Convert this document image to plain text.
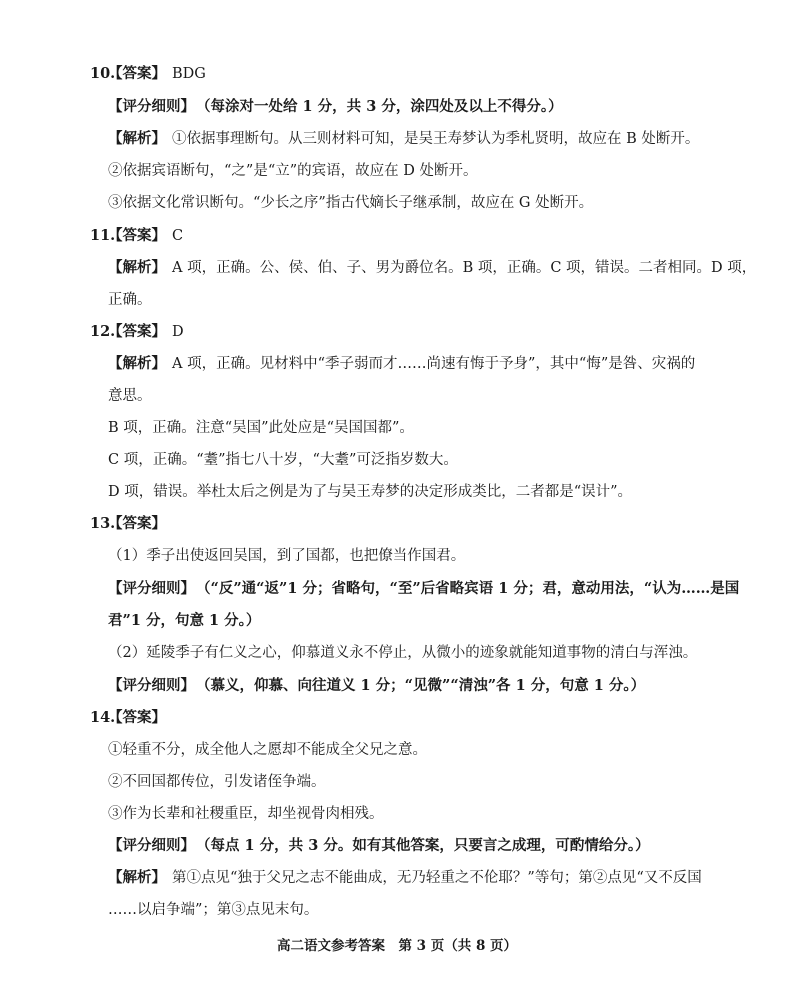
10.
【答案】 BDG
【评分细则】 （每涂对一处给 1 分，共 3 分，涂四处及以上不得分。）
【解析】 ①依据事理断句。从三则材料可知，是吴王寿梦认为季札贤明，故应在 B 处断开。
②依据宾语断句，“之”是“立”的宾语，故应在 D 处断开。
③依据文化常识断句。“少长之序”指古代嫡长子继承制，故应在 G 处断开。
11.
【答案】 C
【解析】 A 项，正确。公、侯、伯、子、男为爵位名。B 项，正确。C 项，错误。二者相同。D 项，
正确。
12.
【答案】 D
【解析】 A 项，正确。见材料中“季子弱而才……尚速有悔于予身”，其中“悔”是咎、灾祸的
意思。
B 项，正确。注意“吴国”此处应是“吴国国都”。
C 项，正确。“耋”指七八十岁，“大耋”可泛指岁数大。
D 项，错误。举杜太后之例是为了与吴王寿梦的决定形成类比，二者都是“误计”。
13.
【答案】
（1）季子出使返回吴国，到了国都，也把僚当作国君。
【评分细则】 （“反”通“返”1 分；省略句，“至”后省略宾语 1 分；君，意动用法，“认为……是国
君”1 分，句意 1 分。）
（2）延陵季子有仁义之心，仰慕道义永不停止，从微小的迹象就能知道事物的清白与浑浊。
【评分细则】 （慕义，仰慕、向往道义 1 分；“见微”“清浊”各 1 分，句意 1 分。）
14.
【答案】
①轻重不分，成全他人之愿却不能成全父兄之意。
②不回国都传位，引发诸侄争端。
③作为长辈和社稷重臣，却坐视骨肉相残。
【评分细则】 （每点 1 分，共 3 分。如有其他答案，只要言之成理，可酌情给分。）
【解析】 第①点见“独于父兄之志不能曲成，无乃轻重之不伦耶？”等句；第②点见“又不反国
……以启争端”；第③点见末句。
高二语文参考答案　第 3 页（共 8 页）
